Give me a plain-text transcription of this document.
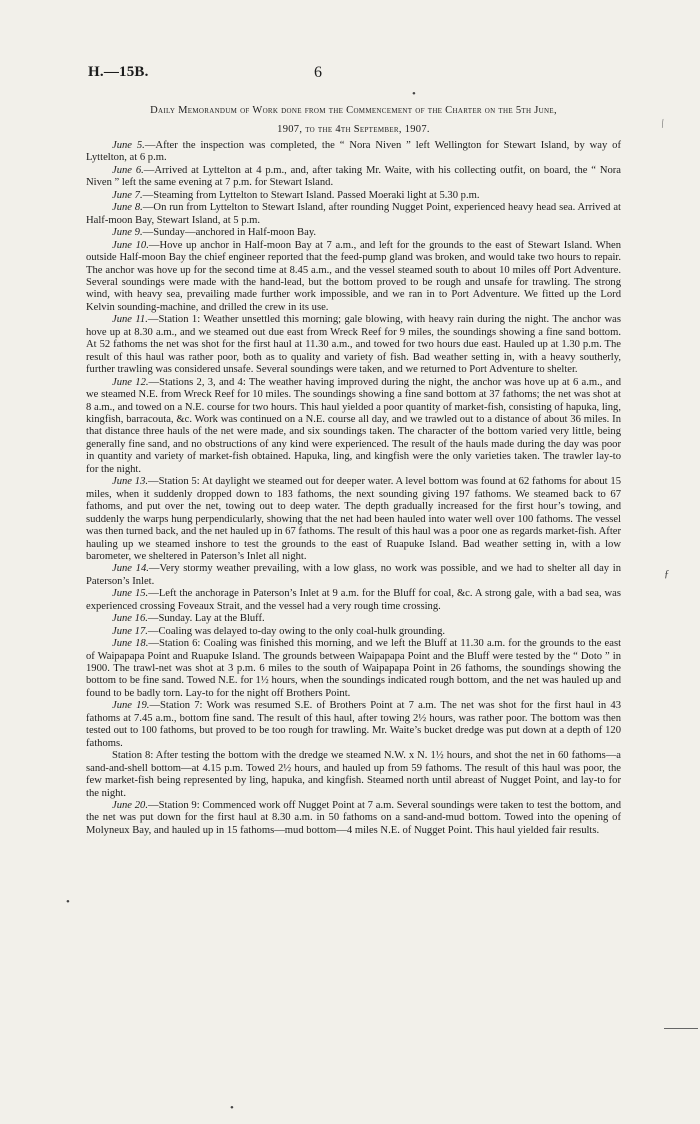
H.—15B.	6
Daily Memorandum of Work done from the Commencement of the Charter on the 5th June,
1907, to the 4th September, 1907.

June 5.—After the inspection was completed, the “ Nora Niven ” left Wellington for Stewart Island, by way of Lyttelton, at 6 p.m.

June 6.—Arrived at Lyttelton at 4 p.m., and, after taking Mr. Waite, with his collecting outfit, on board, the “ Nora Niven ” left the same evening at 7 p.m. for Stewart Island.

June 7.—Steaming from Lyttelton to Stewart Island. Passed Moeraki light at 5.30 p.m.

June 8.—On run from Lyttelton to Stewart Island, after rounding Nugget Point, experienced heavy head sea. Arrived at Half-moon Bay, Stewart Island, at 5 p.m.

June 9.—Sunday—anchored in Half-moon Bay.

June 10.—Hove up anchor in Half-moon Bay at 7 a.m., and left for the grounds to the east of Stewart Island. When outside Half-moon Bay the chief engineer reported that the feed-pump gland was broken, and would take two hours to repair. The anchor was hove up for the second time at 8.45 a.m., and the vessel steamed south to about 10 miles off Port Adventure. Several soundings were made with the hand-lead, but the bottom proved to be rough and unsafe for trawling. The strong wind, with heavy sea, prevailing made further work impossible, and we ran in to Port Adventure. We fitted up the Lord Kelvin sounding-machine, and drilled the crew in its use.

June 11.—Station 1: Weather unsettled this morning; gale blowing, with heavy rain during the night. The anchor was hove up at 8.30 a.m., and we steamed out due east from Wreck Reef for 9 miles, the soundings showing a fine sand bottom. At 52 fathoms the net was shot for the first haul at 11.30 a.m., and towed for two hours due east. Hauled up at 1.30 p.m. The result of this haul was rather poor, both as to quality and variety of fish. Bad weather setting in, with a heavy southerly, further trawling was considered unsafe. Several soundings were taken, and we returned to Port Adventure to shelter.

June 12.—Stations 2, 3, and 4: The weather having improved during the night, the anchor was hove up at 6 a.m., and we steamed N.E. from Wreck Reef for 10 miles. The soundings showing a fine sand bottom at 37 fathoms; the net was shot at 8 a.m., and towed on a N.E. course for two hours. This haul yielded a poor quantity of market-fish, consisting of hapuka, ling, kingfish, barracouta, &c. Work was continued on a N.E. course all day, and we trawled out to a distance of about 36 miles. In that distance three hauls of the net were made, and six soundings taken. The character of the bottom varied very little, being generally fine sand, and no obstructions of any kind were experienced. The result of the hauls made during the day was poor in quantity and variety of market-fish obtained. Hapuka, ling, and kingfish were the only varieties taken. The trawler lay-to for the night.

June 13.—Station 5: At daylight we steamed out for deeper water. A level bottom was found at 62 fathoms for about 15 miles, when it suddenly dropped down to 183 fathoms, the next sounding giving 197 fathoms. We steamed back to 67 fathoms, and put over the net, towing out to deep water. The depth gradually increased for the first hour’s towing, and suddenly the warps hung perpendicularly, showing that the net had been hauled into water well over 100 fathoms. The vessel was then turned back, and the net hauled up in 67 fathoms. The result of this haul was a poor one as regards market-fish. After hauling up we steamed inshore to test the grounds to the east of Ruapuke Island. Bad weather setting in, with a low barometer, we sheltered in Paterson’s Inlet all night.

June 14.—Very stormy weather prevailing, with a low glass, no work was possible, and we had to shelter all day in Paterson’s Inlet.

June 15.—Left the anchorage in Paterson’s Inlet at 9 a.m. for the Bluff for coal, &c. A strong gale, with a bad sea, was experienced crossing Foveaux Strait, and the vessel had a very rough time crossing.

June 16.—Sunday. Lay at the Bluff.

June 17.—Coaling was delayed to-day owing to the only coal-hulk grounding.

June 18.—Station 6: Coaling was finished this morning, and we left the Bluff at 11.30 a.m. for the grounds to the east of Waipapapa Point and Ruapuke Island. The grounds between Waipapapa Point and the Bluff were tested by the “ Doto ” in 1900. The trawl-net was shot at 3 p.m. 6 miles to the south of Waipapapa Point in 26 fathoms, the soundings showing the bottom to be fine sand. Towed N.E. for 1½ hours, when the soundings indicated rough bottom, and the net was hauled up and found to be badly torn. Lay-to for the night off Brothers Point.

June 19.—Station 7: Work was resumed S.E. of Brothers Point at 7 a.m. The net was shot for the first haul in 43 fathoms at 7.45 a.m., bottom fine sand. The result of this haul, after towing 2½ hours, was rather poor. The bottom was then tested out to 100 fathoms, but proved to be too rough for trawling. Mr. Waite’s bucket dredge was put down at a depth of 120 fathoms.

Station 8: After testing the bottom with the dredge we steamed N.W. x N. 1½ hours, and shot the net in 60 fathoms—a sand-and-shell bottom—at 4.15 p.m. Towed 2½ hours, and hauled up from 59 fathoms. The result of this haul was poor, the few market-fish being represented by ling, hapuka, and kingfish. Steamed north until abreast of Nugget Point, and lay-to for the night.

June 20.—Station 9: Commenced work off Nugget Point at 7 a.m. Several soundings were taken to test the bottom, and the net was put down for the first haul at 8.30 a.m. in 50 fathoms on a sand-and-mud bottom. Towed into the opening of Molyneux Bay, and hauled up in 15 fathoms—mud bottom—4 miles N.E. of Nugget Point. This haul yielded fair results.

•
⁄
ƒ
•
•
